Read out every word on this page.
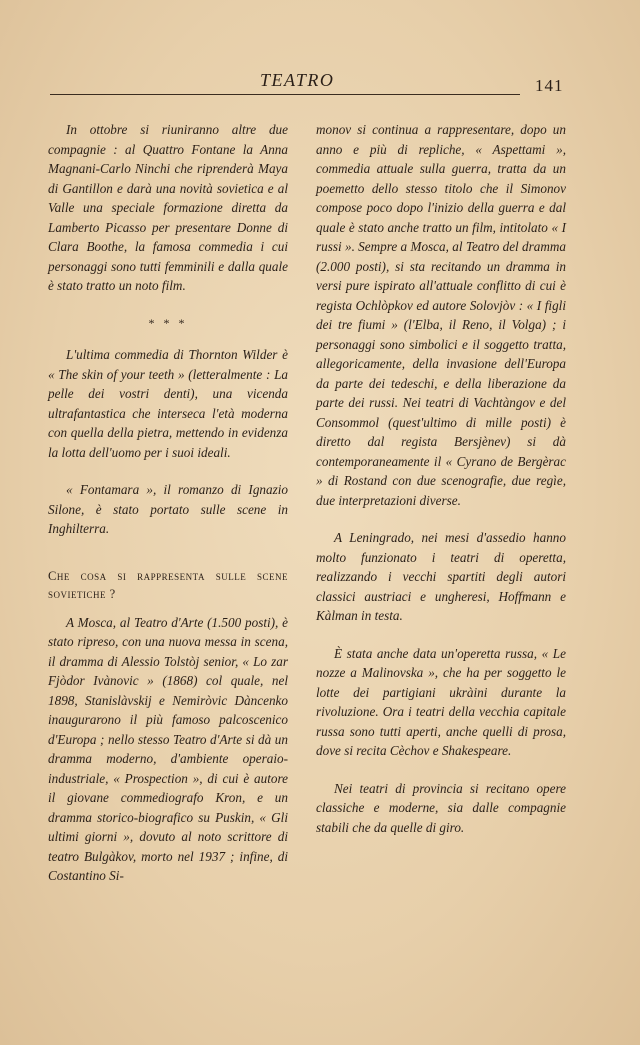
TEATRO	141

In ottobre si riuniranno altre due compagnie : al Quattro Fontane la Anna Magnani-Carlo Ninchi che riprenderà Maya di Gantillon e darà una novità sovietica e al Valle una speciale formazione diretta da Lamberto Picasso per presentare Donne di Clara Boothe, la famosa commedia i cui personaggi sono tutti femminili e dalla quale è stato tratto un noto film.

* * *

L'ultima commedia di Thornton Wilder è « The skin of your teeth » (letteralmente : La pelle dei vostri denti), una vicenda ultrafantastica che interseca l'età moderna con quella della pietra, mettendo in evidenza la lotta dell'uomo per i suoi ideali.

« Fontamara », il romanzo di Ignazio Silone, è stato portato sulle scene in Inghilterra.

Che cosa si rappresenta sulle scene sovietiche ?

A Mosca, al Teatro d'Arte (1.500 posti), è stato ripreso, con una nuova messa in scena, il dramma di Alessio Tolstòj senior, « Lo zar Fjòdor Ivànovic » (1868) col quale, nel 1898, Stanislàvskij e Nemiròvic Dàncenko inaugurarono il più famoso palcoscenico d'Europa ; nello stesso Teatro d'Arte si dà un dramma moderno, d'ambiente operaio-industriale, « Prospection », di cui è autore il giovane commediografo Kron, e un dramma storico-biografico su Puskin, « Gli ultimi giorni », dovuto al noto scrittore di teatro Bulgàkov, morto nel 1937 ; infine, di Costantino Si-

monov si continua a rappresentare, dopo un anno e più di repliche, « Aspettami », commedia attuale sulla guerra, tratta da un poemetto dello stesso titolo che il Simonov compose poco dopo l'inizio della guerra e dal quale è stato anche tratto un film, intitolato « I russi ». Sempre a Mosca, al Teatro del dramma (2.000 posti), si sta recitando un dramma in versi pure ispirato all'attuale conflitto di cui è regista Ochlòpkov ed autore Solovjòv : « I figli dei tre fiumi » (l'Elba, il Reno, il Volga) ; i personaggi sono simbolici e il soggetto tratta, allegoricamente, della invasione dell'Europa da parte dei tedeschi, e della liberazione da parte dei russi. Nei teatri di Vachtàngov e del Consommol (quest'ultimo di mille posti) è diretto dal regista Bersjènev) si dà contemporaneamente il « Cyrano de Bergèrac » di Rostand con due scenografie, due regìe, due interpretazioni diverse.

A Leningrado, nei mesi d'assedio hanno molto funzionato i teatri di operetta, realizzando i vecchi spartiti degli autori classici austriaci e ungheresi, Hoffmann e Kàlman in testa.

È stata anche data un'operetta russa, « Le nozze a Malinovska », che ha per soggetto le lotte dei partigiani ukràini durante la rivoluzione. Ora i teatri della vecchia capitale russa sono tutti aperti, anche quelli di prosa, dove si recita Cèchov e Shakespeare.

Nei teatri di provincia si recitano opere classiche e moderne, sia dalle compagnie stabili che da quelle di giro.
